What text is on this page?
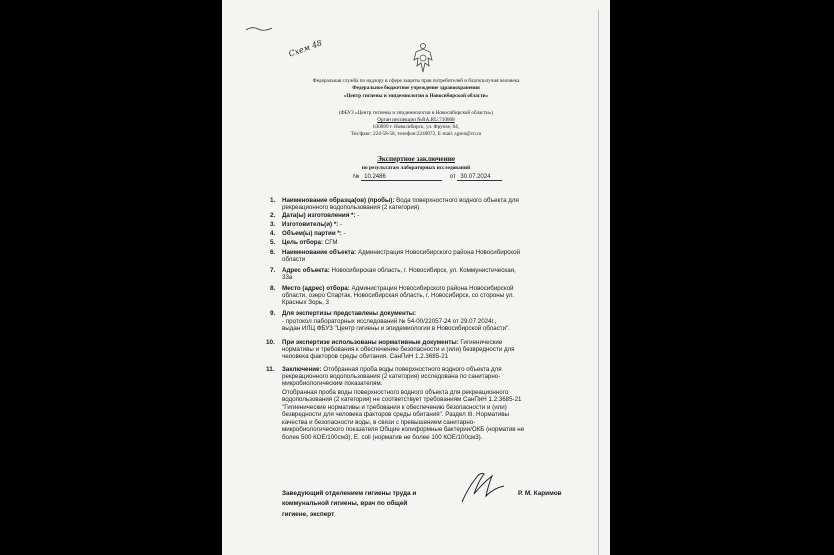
Схем 48
Федеральная служба по надзору в сфере защиты прав потребителей и благополучия человека
Федеральное бюджетное учреждение здравоохранения
«Центр гигиены и эпидемиологии в Новосибирской области»
(ФБУЗ «Центр гигиены и эпидемиологии в Новосибирской области»)
Орган инспекции №RA.RU.710008
630099 г. Новосибирск, ул. Фрунзе, 84,
Тел/факс: 224-58-58, телефон:2240872, E-mail: sgsen@cn.ru
Экспертное заключение
по результатам лабораторных исследований
№ 10.2486	от 30.07.2024
1. Наименование образца(ов) (пробы): Вода поверхностного водного объекта для
рекреационного водопользования (2 категория)
2. Дата(ы) изготовления *: -
3. Изготовитель(и) *: -
4. Объем(ы) партии *: -
5. Цель отбора: СГМ
6. Наименование объекта: Администрация Новосибирского района Новосибирской
области
7. Адрес объекта: Новосибирская область, г. Новосибирск, ул. Коммунистическая,
33а
8. Место (адрес) отбора: Администрация Новосибирского района Новосибирской
области, озеро Спартак, Новосибирская область, г. Новосибирск, со стороны ул.
Красных Зорь, 3
9. Для экспертизы представлены документы:
- протокол лабораторных исследований № 54-00/22057-24 от 29.07.2024г.,
выдан ИЛЦ ФБУЗ "Центр гигиены и эпидемиологии в Новосибирской области".
10. При экспертизе использованы нормативные документы: Гигиенические
нормативы и требования к обеспечению безопасности и (или) безвредности для
человека факторов среды обитания. СанПиН 1.2.3685-21
11. Заключение: Отобранная проба воды поверхностного водного объекта для
рекреационного водопользования (2 категория) исследована по санитарно-
микробиологическим показателям.
Отобранная проба воды поверхностного водного объекта для рекреационного
водопользования (2 категория) не соответствует требованиям СанПиН 1.2.3685-21
"Гигиенические нормативы и требования к обеспечению безопасности и (или)
безвредности для человека факторов среды обитания". Раздел III. Нормативы
качества и безопасности воды, в связи с превышением санитарно-
микробиологического показателя Общие колиформные бактерии/ОКБ (норматив не
более 500 КОЕ/100см3), E. coli (норматив не более 100 КОЕ/100см3).
Заведующий отделением гигиены труда и
коммунальной гигиены, врач по общей
гигиене, эксперт
Р. М. Каримов
